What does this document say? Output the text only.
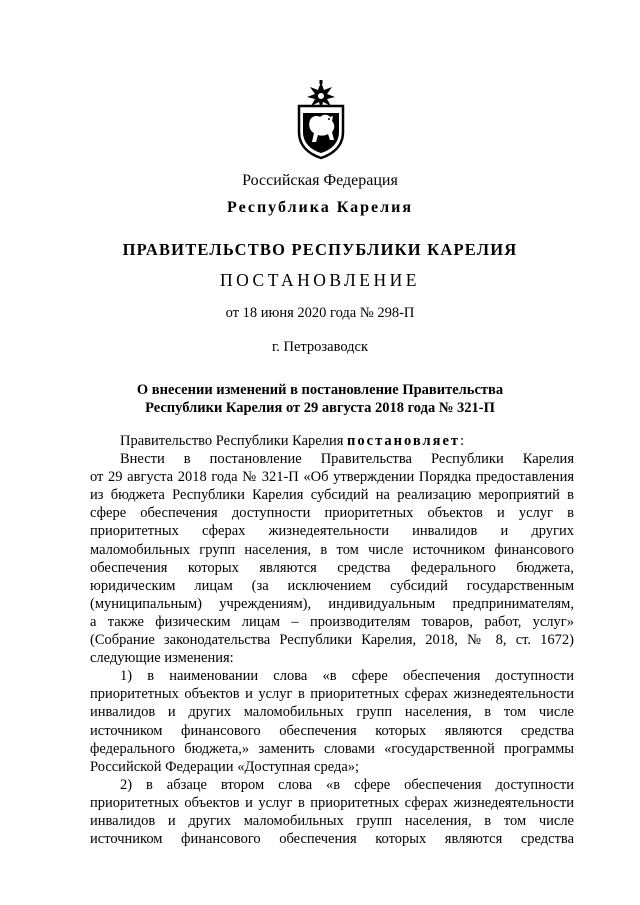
Российская Федерация
Республика Карелия
ПРАВИТЕЛЬСТВО РЕСПУБЛИКИ КАРЕЛИЯ
ПОСТАНОВЛЕНИЕ
от 18 июня 2020 года № 298-П
г. Петрозаводск
О внесении изменений в постановление Правительства
Республики Карелия от 29 августа 2018 года № 321-П
Правительство Республики Карелия постановляет:
Внести в постановление Правительства Республики Карелия
от 29 августа 2018 года № 321-П «Об утверждении Порядка предоставления
из бюджета Республики Карелия субсидий на реализацию мероприятий в
сфере обеспечения доступности приоритетных объектов и услуг в
приоритетных сферах жизнедеятельности инвалидов и других
маломобильных групп населения, в том числе источником финансового
обеспечения которых являются средства федерального бюджета,
юридическим лицам (за исключением субсидий государственным
(муниципальным) учреждениям), индивидуальным предпринимателям,
а также физическим лицам – производителям товаров, работ, услуг»
(Собрание законодательства Республики Карелия, 2018, № 8, ст. 1672)
следующие изменения:
1) в наименовании слова «в сфере обеспечения доступности
приоритетных объектов и услуг в приоритетных сферах жизнедеятельности
инвалидов и других маломобильных групп населения, в том числе
источником финансового обеспечения которых являются средства
федерального бюджета,» заменить словами «государственной программы
Российской Федерации «Доступная среда»;
2) в абзаце втором слова «в сфере обеспечения доступности
приоритетных объектов и услуг в приоритетных сферах жизнедеятельности
инвалидов и других маломобильных групп населения, в том числе
источником финансового обеспечения которых являются средства
